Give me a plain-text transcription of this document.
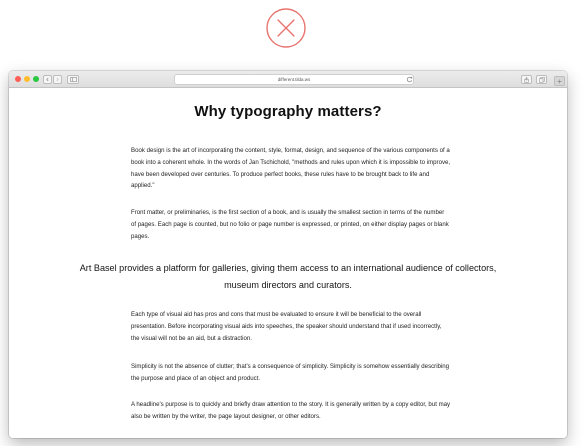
different.tilda.ws
Why typography matters?

Book design is the art of incorporating the content, style, format, design, and sequence of the various components of a book into a coherent whole. In the words of Jan Tschichold, "methods and rules upon which it is impossible to improve, have been developed over centuries. To produce perfect books, these rules have to be brought back to life and applied."

Front matter, or preliminaries, is the first section of a book, and is usually the smallest section in terms of the number of pages. Each page is counted, but no folio or page number is expressed, or printed, on either display pages or blank pages.

Art Basel provides a platform for galleries, giving them access to an international audience of collectors, museum directors and curators.

Each type of visual aid has pros and cons that must be evaluated to ensure it will be beneficial to the overall presentation. Before incorporating visual aids into speeches, the speaker should understand that if used incorrectly, the visual will not be an aid, but a distraction.

Simplicity is not the absence of clutter; that's a consequence of simplicity. Simplicity is somehow essentially describing the purpose and place of an object and product.

A headline's purpose is to quickly and briefly draw attention to the story. It is generally written by a copy editor, but may also be written by the writer, the page layout designer, or other editors.
